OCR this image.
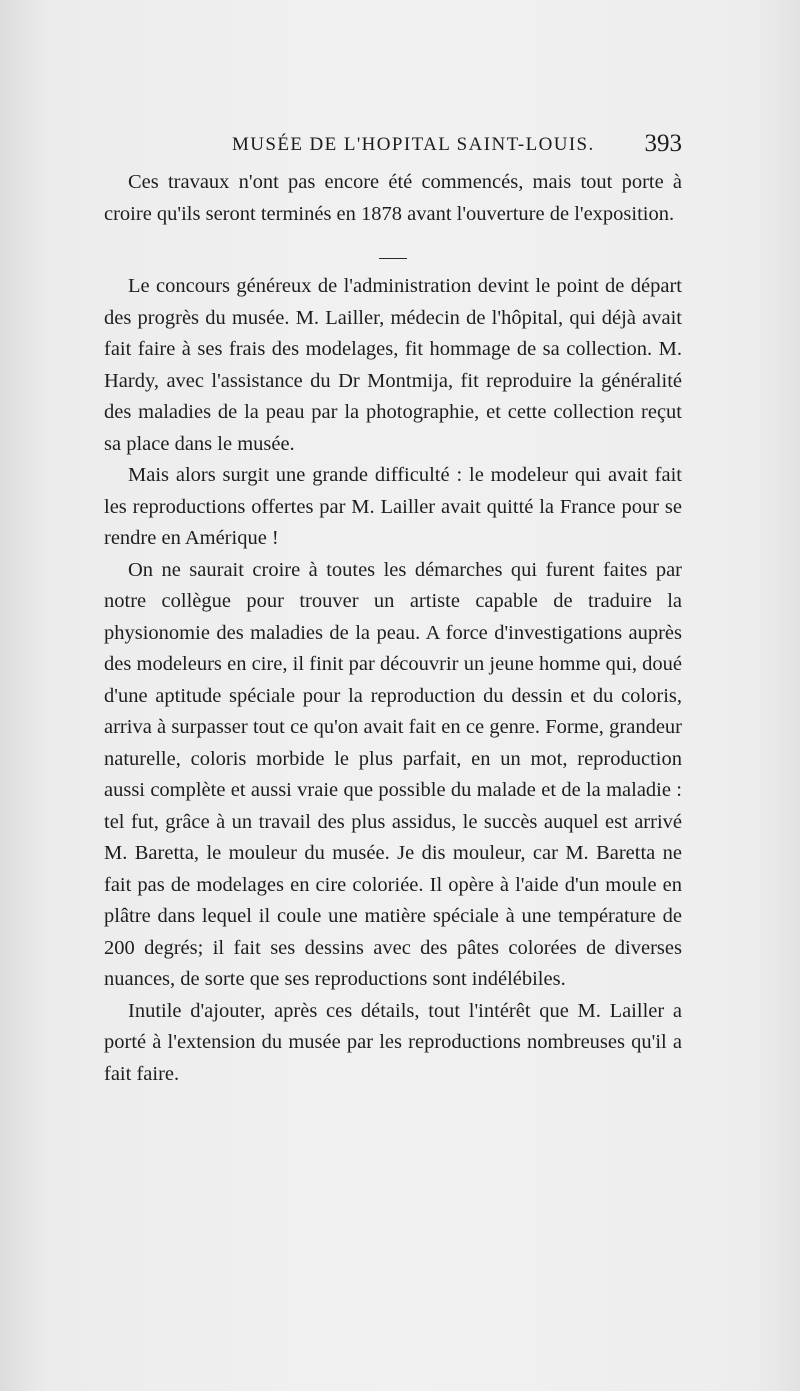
MUSÉE DE L'HOPITAL SAINT-LOUIS. 393

Ces travaux n'ont pas encore été commencés, mais tout porte à croire qu'ils seront terminés en 1878 avant l'ouverture de l'exposition.

Le concours généreux de l'administration devint le point de départ des progrès du musée. M. Lailler, médecin de l'hôpital, qui déjà avait fait faire à ses frais des modelages, fit hommage de sa collection. M. Hardy, avec l'assistance du Dr Montmija, fit reproduire la généralité des maladies de la peau par la photographie, et cette collection reçut sa place dans le musée.

Mais alors surgit une grande difficulté : le modeleur qui avait fait les reproductions offertes par M. Lailler avait quitté la France pour se rendre en Amérique !

On ne saurait croire à toutes les démarches qui furent faites par notre collègue pour trouver un artiste capable de traduire la physionomie des maladies de la peau. A force d'investigations auprès des modeleurs en cire, il finit par découvrir un jeune homme qui, doué d'une aptitude spéciale pour la reproduction du dessin et du coloris, arriva à surpasser tout ce qu'on avait fait en ce genre. Forme, grandeur naturelle, coloris morbide le plus parfait, en un mot, reproduction aussi complète et aussi vraie que possible du malade et de la maladie : tel fut, grâce à un travail des plus assidus, le succès auquel est arrivé M. Baretta, le mouleur du musée. Je dis mouleur, car M. Baretta ne fait pas de modelages en cire coloriée. Il opère à l'aide d'un moule en plâtre dans lequel il coule une matière spéciale à une température de 200 degrés; il fait ses dessins avec des pâtes colorées de diverses nuances, de sorte que ses reproductions sont indélébiles.

Inutile d'ajouter, après ces détails, tout l'intérêt que M. Lailler a porté à l'extension du musée par les reproductions nombreuses qu'il a fait faire.
